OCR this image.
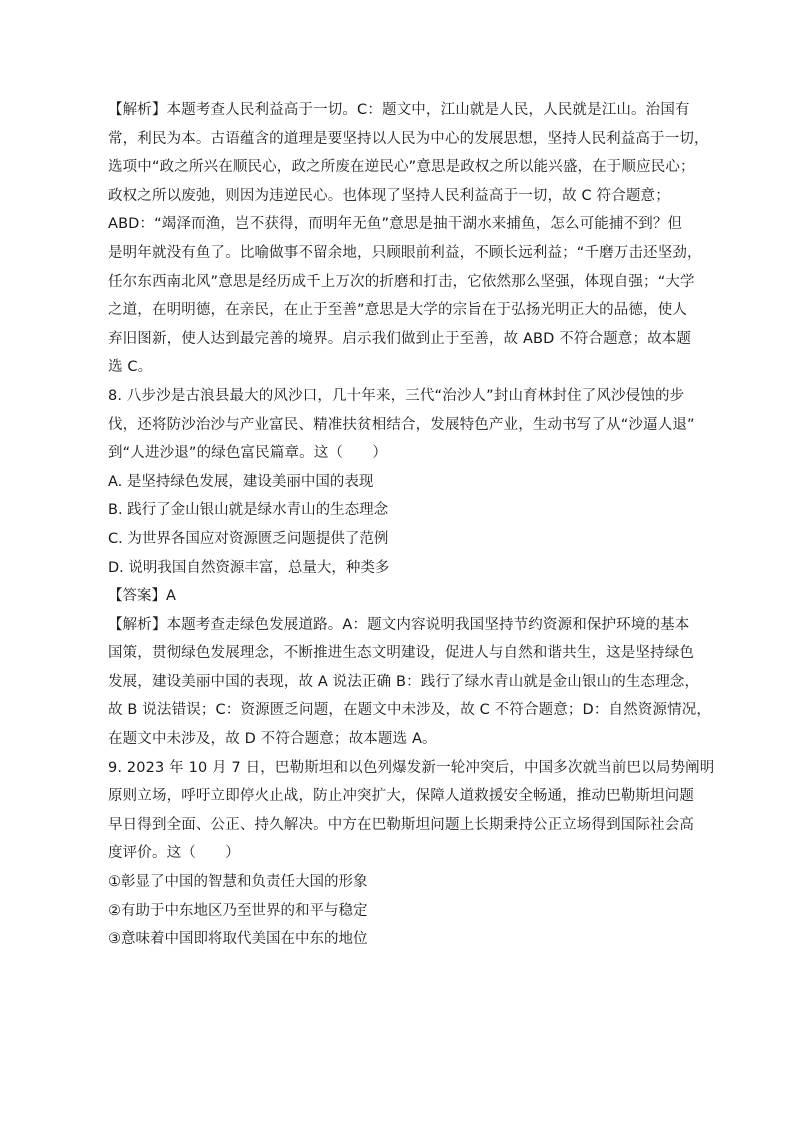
【解析】本题考查人民利益高于一切。C：题文中，江山就是人民，人民就是江山。治国有
常，利民为本。古语蕴含的道理是要坚持以人民为中心的发展思想，坚持人民利益高于一切，
选项中“政之所兴在顺民心，政之所废在逆民心”意思是政权之所以能兴盛，在于顺应民心；
政权之所以废弛，则因为违逆民心。也体现了坚持人民利益高于一切，故 C 符合题意；
ABD：“竭泽而渔，岂不获得，而明年无鱼”意思是抽干湖水来捕鱼，怎么可能捕不到？但
是明年就没有鱼了。比喻做事不留余地，只顾眼前利益，不顾长远利益；“千磨万击还坚劲，
任尔东西南北风”意思是经历成千上万次的折磨和打击，它依然那么坚强，体现自强；“大学
之道，在明明德，在亲民，在止于至善”意思是大学的宗旨在于弘扬光明正大的品德，使人
弃旧图新，使人达到最完善的境界。启示我们做到止于至善，故 ABD 不符合题意；故本题
选 C。
8. 八步沙是古浪县最大的风沙口，几十年来，三代“治沙人”封山育林封住了风沙侵蚀的步
伐，还将防沙治沙与产业富民、精准扶贫相结合，发展特色产业，生动书写了从“沙逼人退”
到“人进沙退”的绿色富民篇章。这（　　）
A. 是坚持绿色发展，建设美丽中国的表现
B. 践行了金山银山就是绿水青山的生态理念
C. 为世界各国应对资源匮乏问题提供了范例
D. 说明我国自然资源丰富，总量大，种类多
【答案】A
【解析】本题考查走绿色发展道路。A：题文内容说明我国坚持节约资源和保护环境的基本
国策，贯彻绿色发展理念，不断推进生态文明建设，促进人与自然和谐共生，这是坚持绿色
发展，建设美丽中国的表现，故 A 说法正确 B：践行了绿水青山就是金山银山的生态理念，
故 B 说法错误；C：资源匮乏问题，在题文中未涉及，故 C 不符合题意；D：自然资源情况，
在题文中未涉及，故 D 不符合题意；故本题选 A。
9. 2023 年 10 月 7 日，巴勒斯坦和以色列爆发新一轮冲突后，中国多次就当前巴以局势阐明
原则立场，呼吁立即停火止战，防止冲突扩大，保障人道救援安全畅通，推动巴勒斯坦问题
早日得到全面、公正、持久解决。中方在巴勒斯坦问题上长期秉持公正立场得到国际社会高
度评价。这（　　）
①彰显了中国的智慧和负责任大国的形象
②有助于中东地区乃至世界的和平与稳定
③意味着中国即将取代美国在中东的地位
